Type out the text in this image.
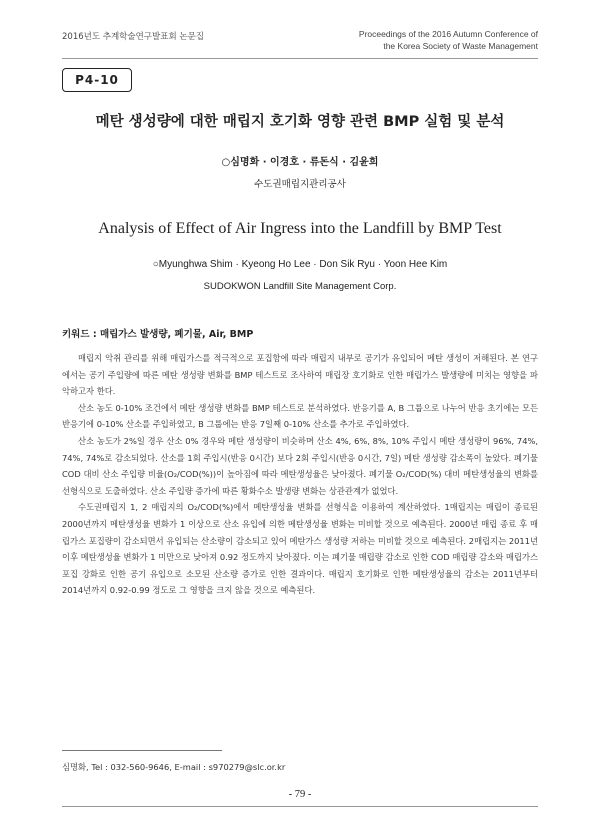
2016년도 추계학술연구발표회 논문집	Proceedings of the 2016 Autumn Conference of
the Korea Society of Waste Management
P4-10
메탄 생성량에 대한 매립지 호기화 영향 관련 BMP 실험 및 분석
○심명화 · 이경호 · 류돈식 · 김윤희
수도권매립지관리공사
Analysis of Effect of Air Ingress into the Landfill by BMP Test
○Myunghwa Shim · Kyeong Ho Lee · Don Sik Ryu · Yoon Hee Kim
SUDOKWON Landfill Site Management Corp.
키워드 : 매립가스 발생량, 폐기물, Air, BMP

매립지 악취 관리를 위해 매립가스를 적극적으로 포집함에 따라 매립지 내부로 공기가 유입되어 메탄 생성이 저해된다. 본 연구에서는 공기 주입량에 따른 메탄 생성량 변화를 BMP 테스트로 조사하여 매립장 호기화로 인한 매립가스 발생량에 미치는 영향을 파악하고자 한다.

산소 농도 0-10% 조건에서 메탄 생성량 변화를 BMP 테스트로 분석하였다. 반응기를 A, B 그룹으로 나누어 반응 초기에는 모든 반응기에 0-10% 산소를 주입하였고, B 그룹에는 반응 7일째 0-10% 산소를 추가로 주입하였다.

산소 농도가 2%일 경우 산소 0% 경우와 메탄 생성량이 비슷하며 산소 4%, 6%, 8%, 10% 주입시 메탄 생성량이 96%, 74%, 74%, 74%로 감소되었다. 산소를 1회 주입시(반응 0시간) 보다 2회 주입시(반응 0시간, 7일) 메탄 생성량 감소폭이 높았다. 폐기물 COD 대비 산소 주입량 비율(O₂/COD(%))이 높아짐에 따라 메탄생성율은 낮아졌다. 폐기물 O₂/COD(%) 대비 메탄생성율의 변화를 선형식으로 도출하였다. 산소 주입량 증가에 따른 황화수소 발생량 변화는 상관관계가 없었다.

수도권매립지 1, 2 매립지의 O₂/COD(%)에서 메탄생성율 변화를 선형식을 이용하여 계산하였다. 1매립지는 매립이 종료된 2000년까지 메탄생성율 변화가 1 이상으로 산소 유입에 의한 메탄생성율 변화는 미비할 것으로 예측된다. 2000년 매립 종료 후 매립가스 포집량이 감소되면서 유입되는 산소량이 감소되고 있어 메탄가스 생성량 저하는 미비할 것으로 예측된다. 2매립지는 2011년 이후 메탄생성율 변화가 1 미만으로 낮아져 0.92 정도까지 낮아졌다. 이는 폐기물 매립량 감소로 인한 COD 매립량 감소와 매립가스 포집 강화로 인한 공기 유입으로 소모된 산소량 증가로 인한 결과이다. 매립지 호기화로 인한 메탄생성율의 감소는 2011년부터 2014년까지 0.92-0.99 정도로 그 영향을 크지 않을 것으로 예측된다.

심명화, Tel : 032-560-9646, E-mail : s970279@slc.or.kr
- 79 -
